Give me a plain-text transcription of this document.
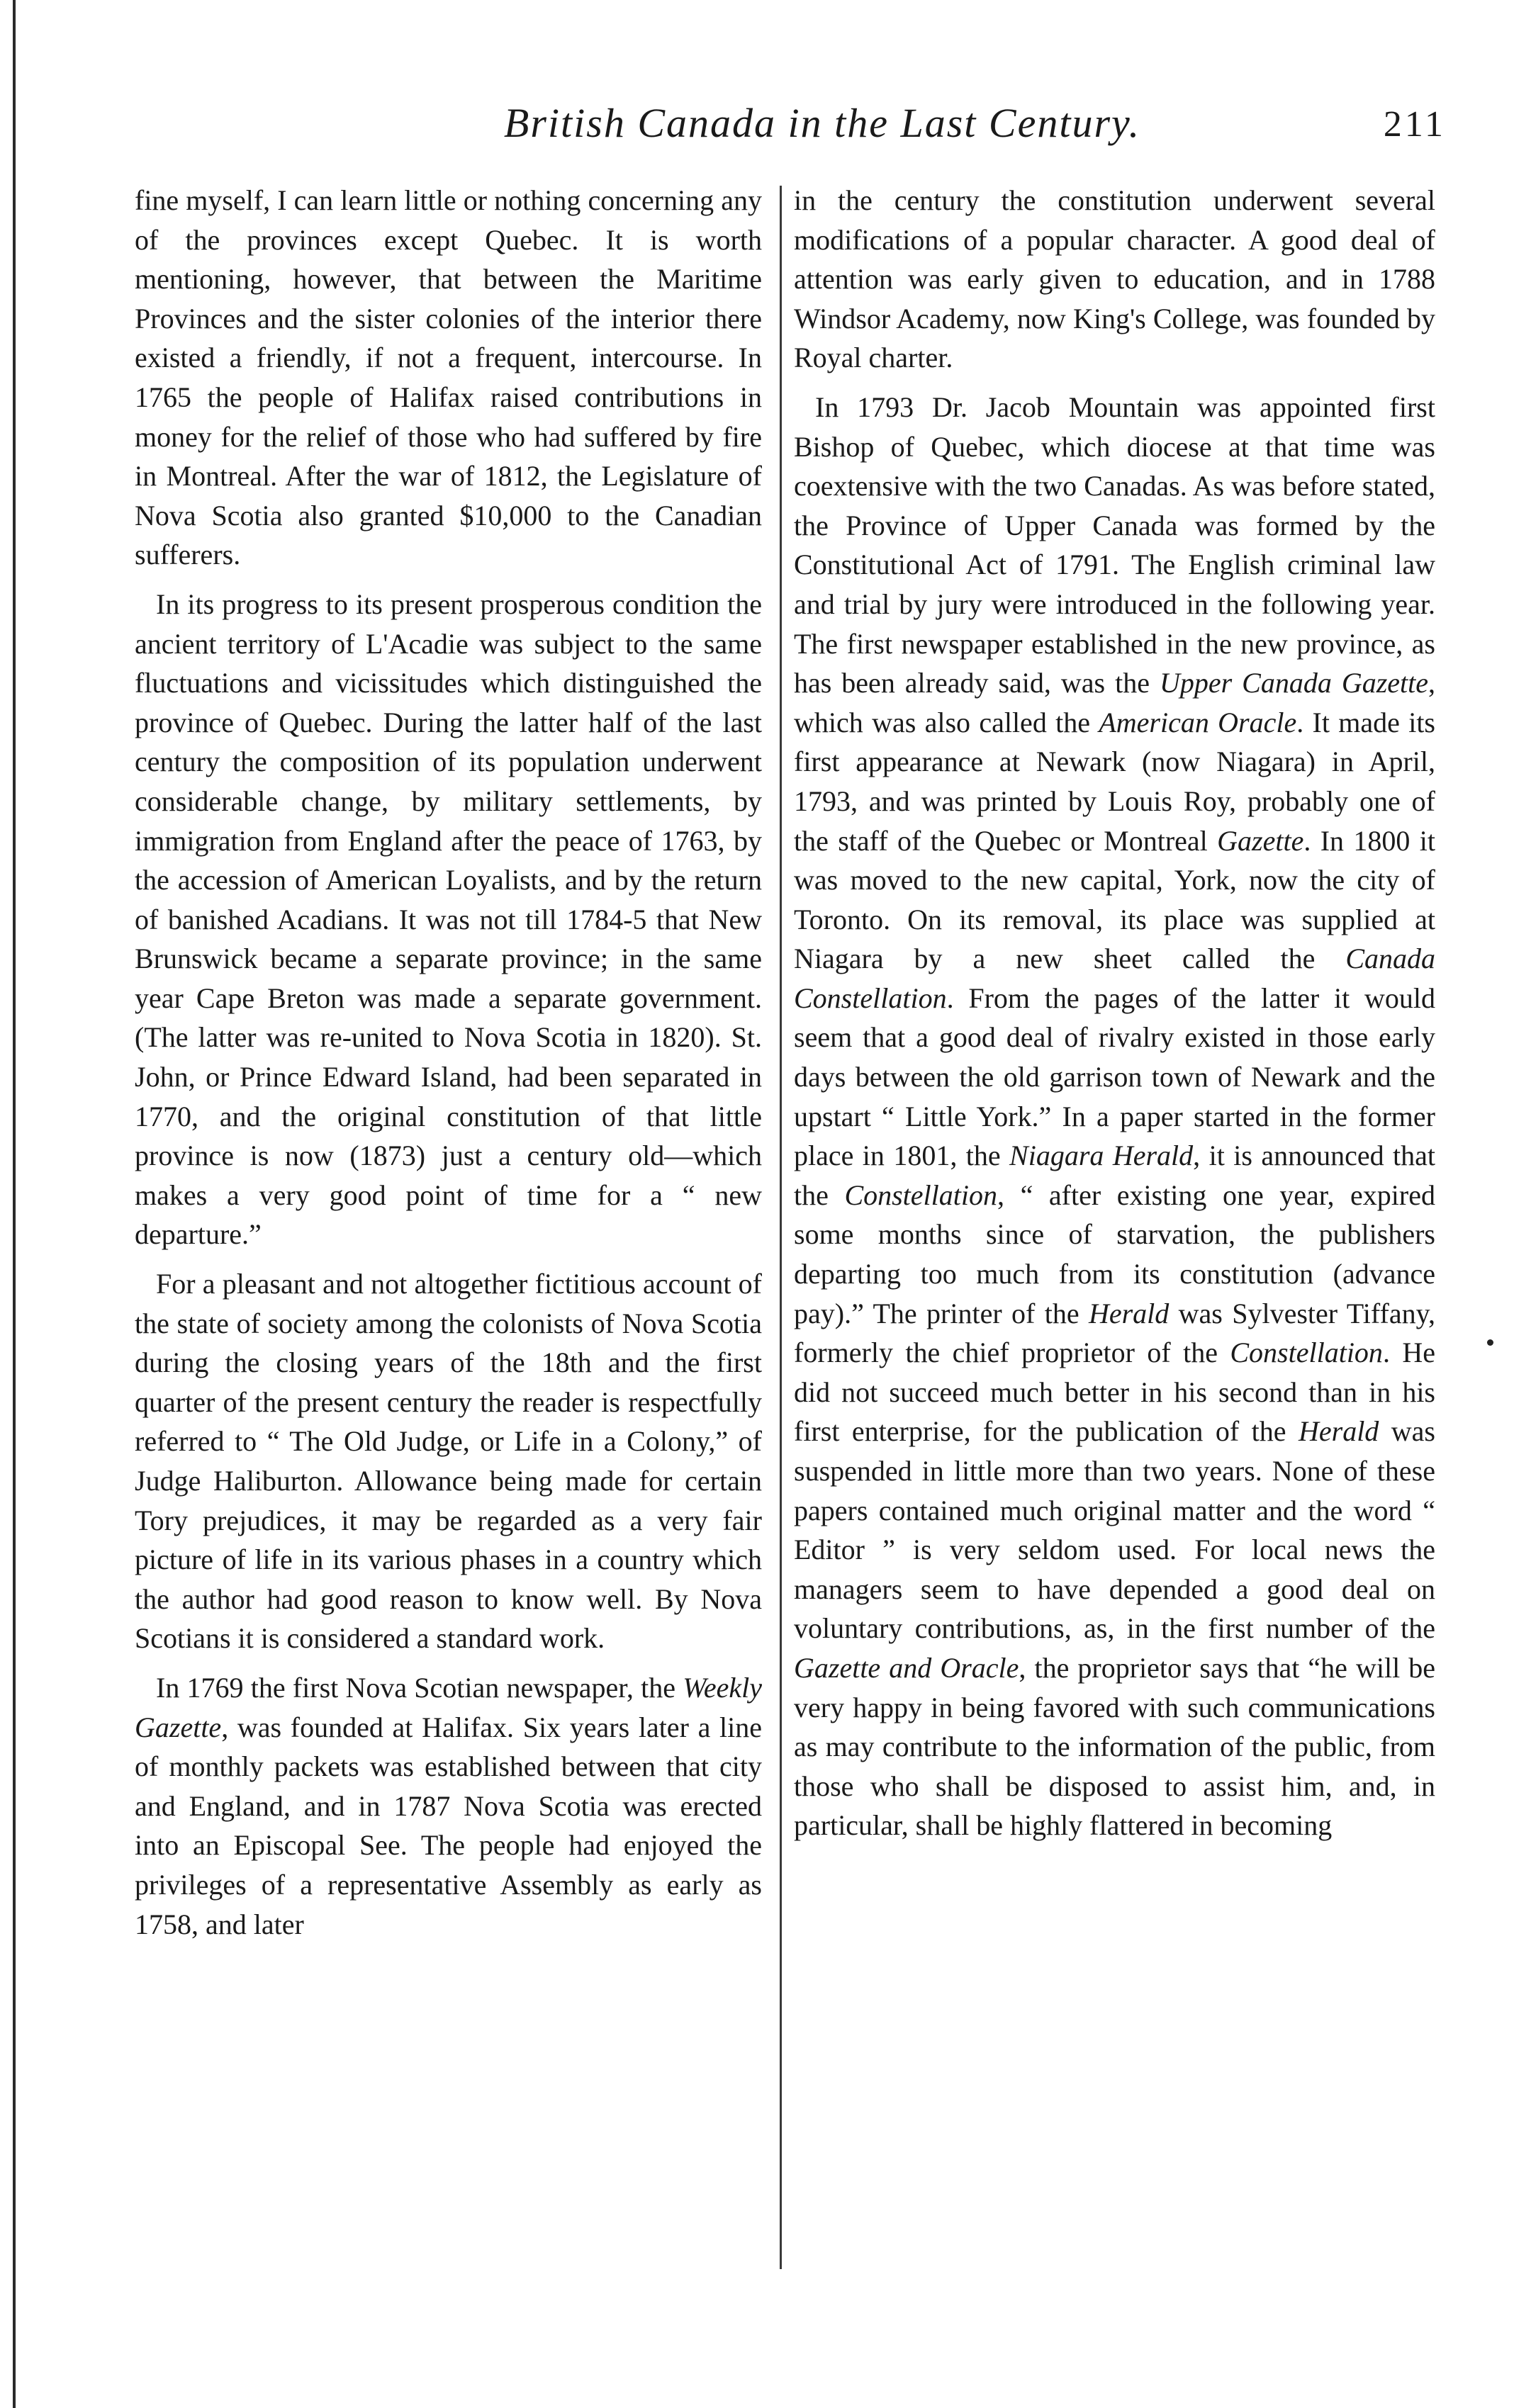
British Canada in the Last Century.	211

fine myself, I can learn little or nothing concerning any of the provinces except Quebec. It is worth mentioning, however, that between the Maritime Provinces and the sister colonies of the interior there existed a friendly, if not a frequent, intercourse. In 1765 the people of Halifax raised contributions in money for the relief of those who had suffered by fire in Montreal. After the war of 1812, the Legislature of Nova Scotia also granted $10,000 to the Canadian sufferers.

In its progress to its present prosperous condition the ancient territory of L'Acadie was subject to the same fluctuations and vicissitudes which distinguished the province of Quebec. During the latter half of the last century the composition of its population underwent considerable change, by military settlements, by immigration from England after the peace of 1763, by the accession of American Loyalists, and by the return of banished Acadians. It was not till 1784-5 that New Brunswick became a separate province; in the same year Cape Breton was made a separate government. (The latter was re-united to Nova Scotia in 1820). St. John, or Prince Edward Island, had been separated in 1770, and the original constitution of that little province is now (1873) just a century old—which makes a very good point of time for a “ new departure.”

For a pleasant and not altogether fictitious account of the state of society among the colonists of Nova Scotia during the closing years of the 18th and the first quarter of the present century the reader is respectfully referred to “ The Old Judge, or Life in a Colony,” of Judge Haliburton. Allowance being made for certain Tory prejudices, it may be regarded as a very fair picture of life in its various phases in a country which the author had good reason to know well. By Nova Scotians it is considered a standard work.

In 1769 the first Nova Scotian newspaper, the Weekly Gazette, was founded at Halifax. Six years later a line of monthly packets was established between that city and England, and in 1787 Nova Scotia was erected into an Episcopal See. The people had enjoyed the privileges of a representative Assembly as early as 1758, and later

in the century the constitution underwent several modifications of a popular character. A good deal of attention was early given to education, and in 1788 Windsor Academy, now King's College, was founded by Royal charter.

In 1793 Dr. Jacob Mountain was appointed first Bishop of Quebec, which diocese at that time was coextensive with the two Canadas. As was before stated, the Province of Upper Canada was formed by the Constitutional Act of 1791. The English criminal law and trial by jury were introduced in the following year. The first newspaper established in the new province, as has been already said, was the Upper Canada Gazette, which was also called the American Oracle. It made its first appearance at Newark (now Niagara) in April, 1793, and was printed by Louis Roy, probably one of the staff of the Quebec or Montreal Gazette. In 1800 it was moved to the new capital, York, now the city of Toronto. On its removal, its place was supplied at Niagara by a new sheet called the Canada Constellation. From the pages of the latter it would seem that a good deal of rivalry existed in those early days between the old garrison town of Newark and the upstart “ Little York.” In a paper started in the former place in 1801, the Niagara Herald, it is announced that the Constellation, “ after existing one year, expired some months since of starvation, the publishers departing too much from its constitution (advance pay).” The printer of the Herald was Sylvester Tiffany, formerly the chief proprietor of the Constellation. He did not succeed much better in his second than in his first enterprise, for the publication of the Herald was suspended in little more than two years. None of these papers contained much original matter and the word “ Editor ” is very seldom used. For local news the managers seem to have depended a good deal on voluntary contributions, as, in the first number of the Gazette and Oracle, the proprietor says that “he will be very happy in being favored with such communications as may contribute to the information of the public, from those who shall be disposed to assist him, and, in particular, shall be highly flattered in becoming
